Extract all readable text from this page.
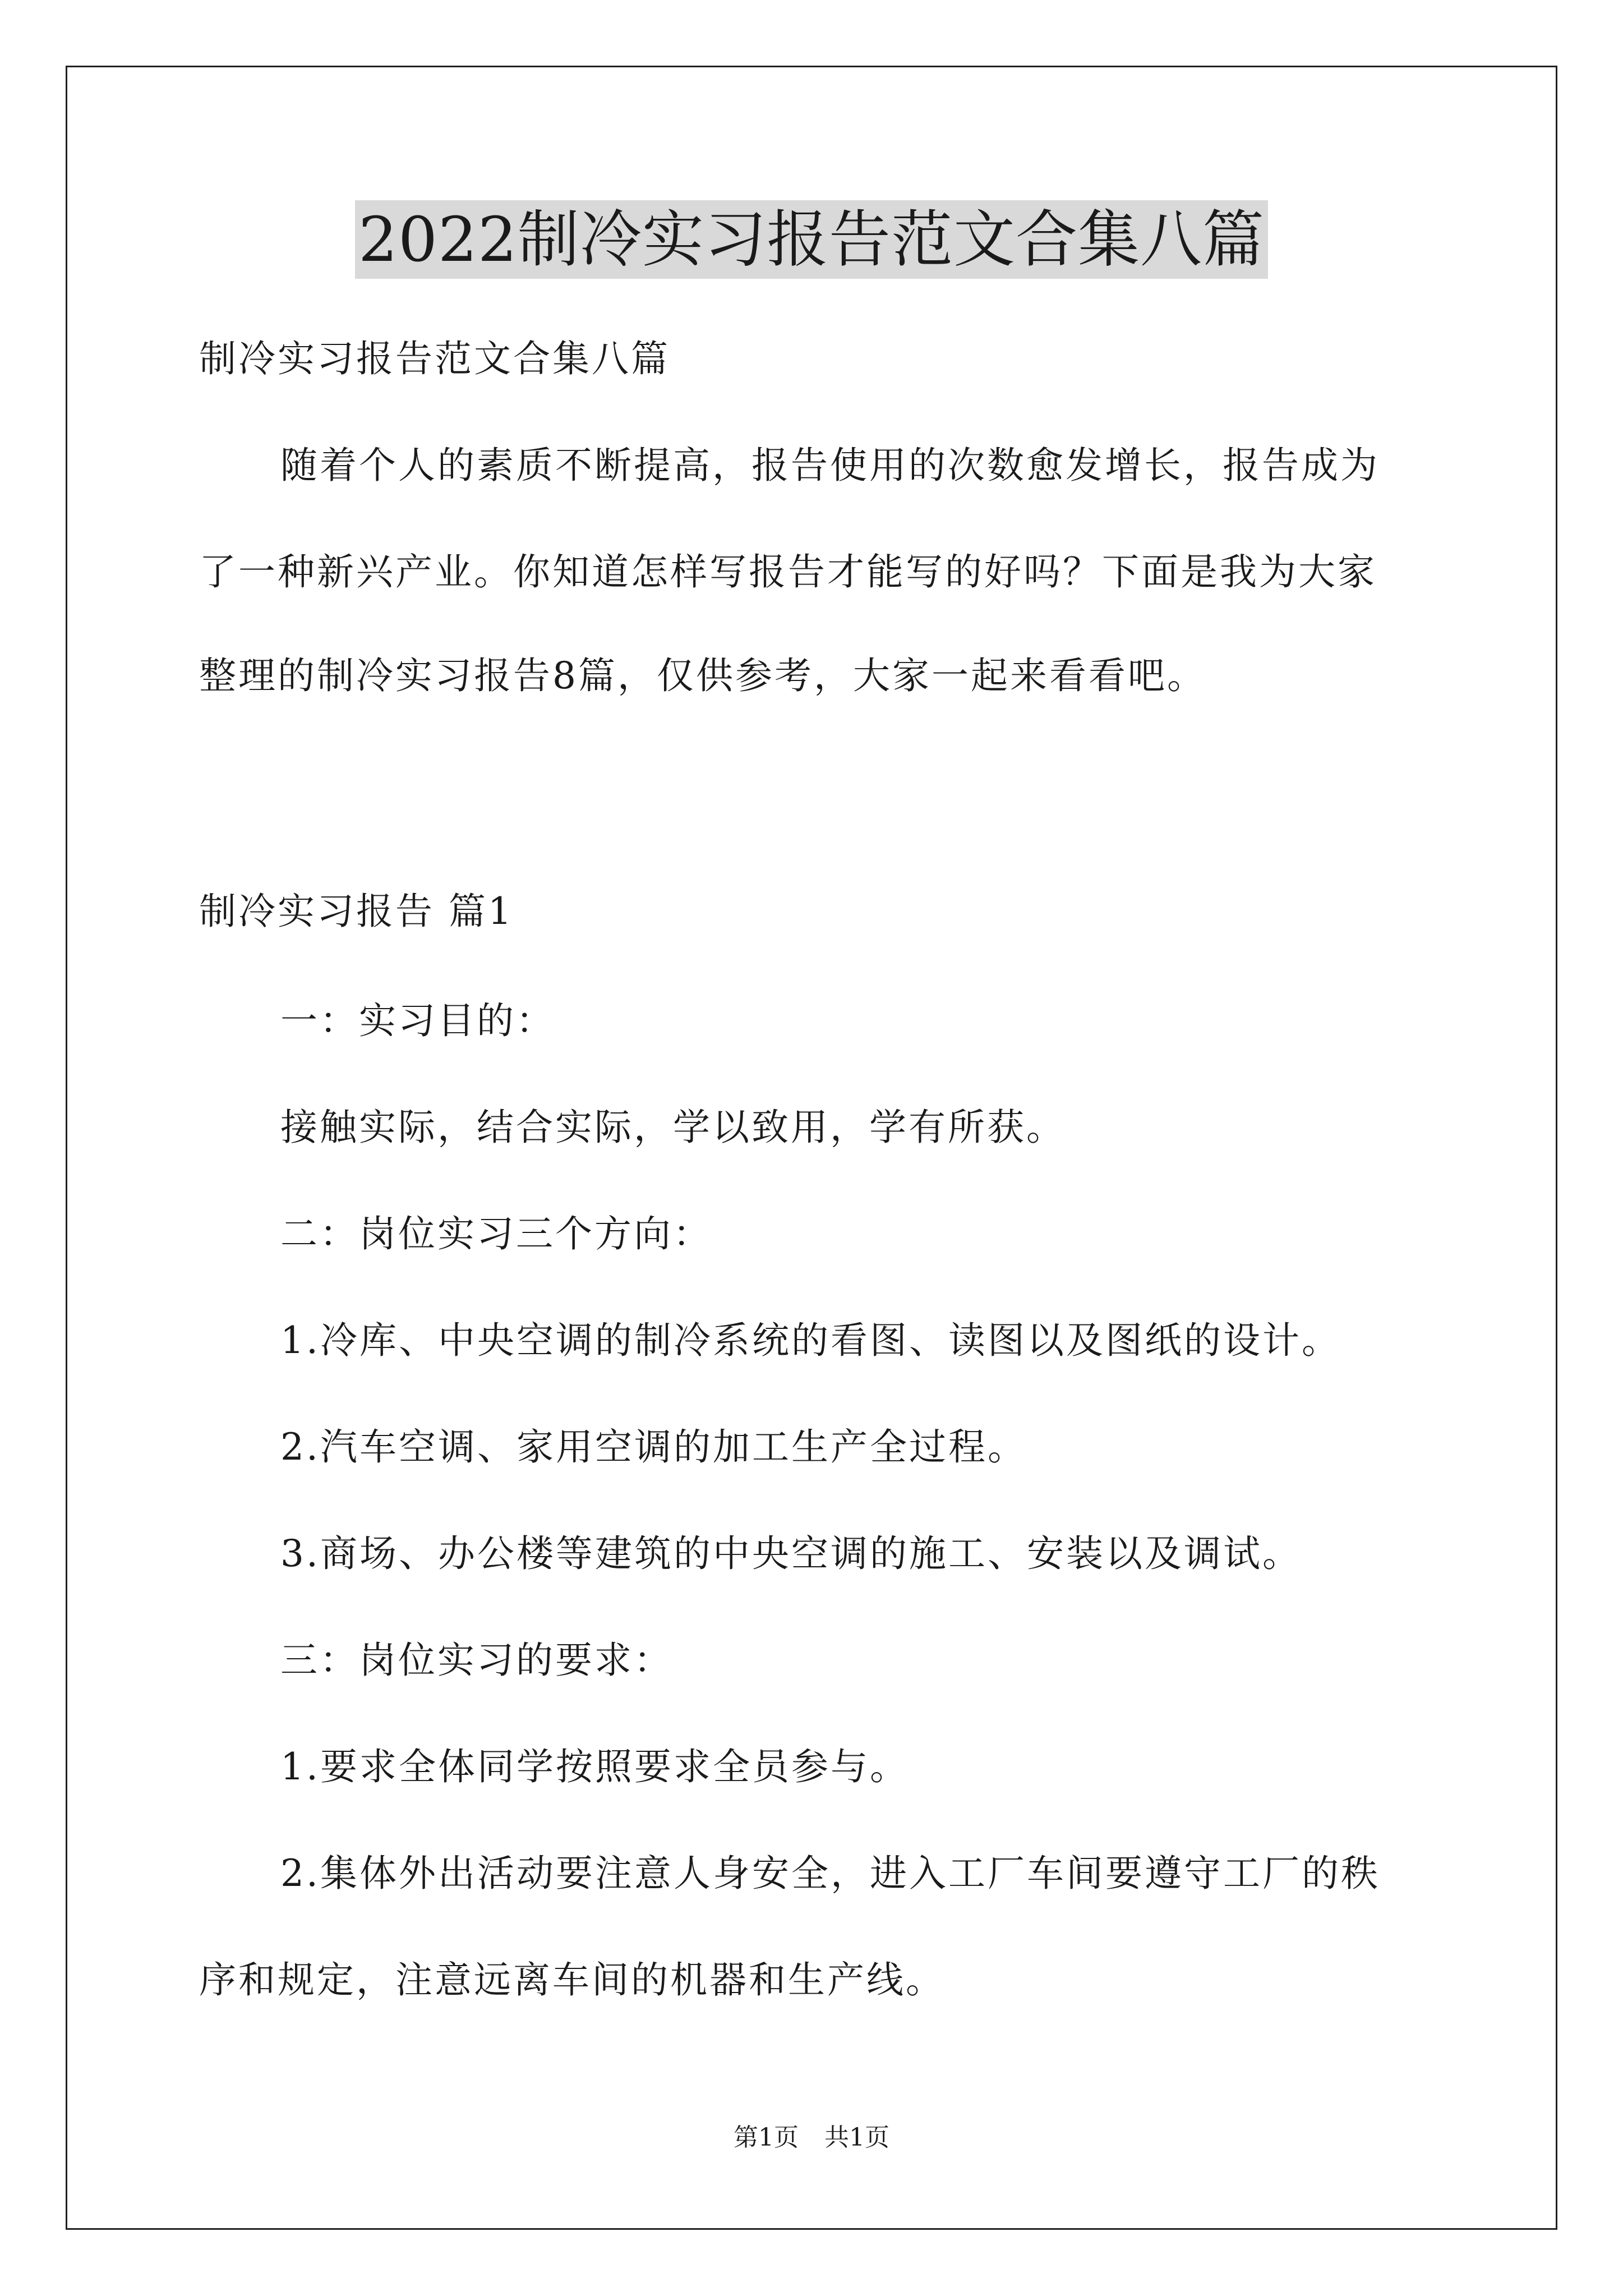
2022制冷实习报告范文合集八篇
制冷实习报告范文合集八篇
随着个人的素质不断提高，报告使用的次数愈发增长，报告成为
了一种新兴产业。你知道怎样写报告才能写的好吗？下面是我为大家
整理的制冷实习报告8篇，仅供参考，大家一起来看看吧。
制冷实习报告 篇1
一：实习目的：
接触实际，结合实际，学以致用，学有所获。
二：岗位实习三个方向：
1.冷库、中央空调的制冷系统的看图、读图以及图纸的设计。
2.汽车空调、家用空调的加工生产全过程。
3.商场、办公楼等建筑的中央空调的施工、安装以及调试。
三：岗位实习的要求：
1.要求全体同学按照要求全员参与。
2.集体外出活动要注意人身安全，进入工厂车间要遵守工厂的秩
序和规定，注意远离车间的机器和生产线。
第1页 共1页
